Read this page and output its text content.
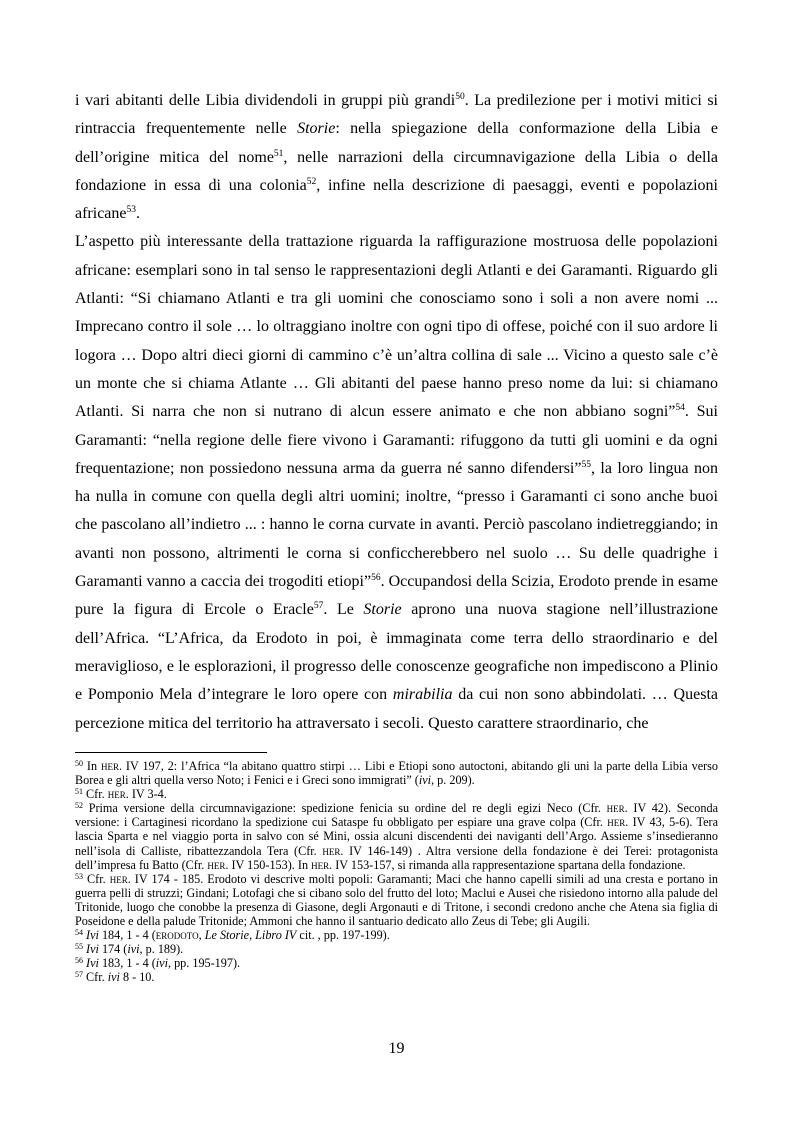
i vari abitanti delle Libia dividendoli in gruppi più grandi$^{50}$. La predilezione per i motivi mitici si rintraccia frequentemente nelle Storie: nella spiegazione della conformazione della Libia e dell’origine mitica del nome$^{51}$, nelle narrazioni della circumnavigazione della Libia o della fondazione in essa di una colonia$^{52}$, infine nella descrizione di paesaggi, eventi e popolazioni africane$^{53}$.

L’aspetto più interessante della trattazione riguarda la raffigurazione mostruosa delle popolazioni africane: esemplari sono in tal senso le rappresentazioni degli Atlanti e dei Garamanti. Riguardo gli Atlanti: “Si chiamano Atlanti e tra gli uomini che conosciamo sono i soli a non avere nomi ... Imprecano contro il sole … lo oltraggiano inoltre con ogni tipo di offese, poiché con il suo ardore li logora … Dopo altri dieci giorni di cammino c’è un’altra collina di sale ... Vicino a questo sale c’è un monte che si chiama Atlante … Gli abitanti del paese hanno preso nome da lui: si chiamano Atlanti. Si narra che non si nutrano di alcun essere animato e che non abbiano sogni”$^{54}$. Sui Garamanti: “nella regione delle fiere vivono i Garamanti: rifuggono da tutti gli uomini e da ogni frequentazione; non possiedono nessuna arma da guerra né sanno difendersi”$^{55}$, la loro lingua non ha nulla in comune con quella degli altri uomini; inoltre, “presso i Garamanti ci sono anche buoi che pascolano all’indietro ... : hanno le corna curvate in avanti. Perciò pascolano indietreggiando; in avanti non possono, altrimenti le corna si conficcherebbero nel suolo … Su delle quadrighe i Garamanti vanno a caccia dei trogoditi etiopi”$^{56}$. Occupandosi della Scizia, Erodoto prende in esame pure la figura di Ercole o Eracle$^{57}$. Le Storie aprono una nuova stagione nell’illustrazione dell’Africa. “L’Africa, da Erodoto in poi, è immaginata come terra dello straordinario e del meraviglioso, e le esplorazioni, il progresso delle conoscenze geografiche non impediscono a Plinio e Pomponio Mela d’integrare le loro opere con mirabilia da cui non sono abbindolati. … Questa percezione mitica del territorio ha attraversato i secoli. Questo carattere straordinario, che

$^{50}$ In her. IV 197, 2: l’Africa “la abitano quattro stirpi … Libi e Etiopi sono autoctoni, abitando gli uni la parte della Libia verso Borea e gli altri quella verso Noto; i Fenici e i Greci sono immigrati” (ivi, p. 209).

$^{51}$ Cfr. her. IV 3-4.

$^{52}$ Prima versione della circumnavigazione: spedizione fenicia su ordine del re degli egizi Neco (Cfr. her. IV 42). Seconda versione: i Cartaginesi ricordano la spedizione cui Sataspe fu obbligato per espiare una grave colpa (Cfr. her. IV 43, 5-6). Tera lascia Sparta e nel viaggio porta in salvo con sé Mini, ossia alcuni discendenti dei naviganti dell’Argo. Assieme s’insedieranno nell’isola di Calliste, ribattezzandola Tera (Cfr. her. IV 146-149) . Altra versione della fondazione è dei Terei: protagonista dell’impresa fu Batto (Cfr. her. IV 150-153). In her. IV 153-157, si rimanda alla rappresentazione spartana della fondazione.

$^{53}$ Cfr. her. IV 174 - 185. Erodoto vi descrive molti popoli: Garamanti; Maci che hanno capelli simili ad una cresta e portano in guerra pelli di struzzi; Gindani; Lotofagi che si cibano solo del frutto del loto; Maclui e Ausei che risiedono intorno alla palude del Tritonide, luogo che conobbe la presenza di Giasone, degli Argonauti e di Tritone, i secondi credono anche che Atena sia figlia di Poseidone e della palude Tritonide; Ammoni che hanno il santuario dedicato allo Zeus di Tebe; gli Augili.

$^{54}$ Ivi 184, 1 - 4 (erodoto, Le Storie, Libro IV cit. , pp. 197-199).

$^{55}$ Ivi 174 (ivi, p. 189).

$^{56}$ Ivi 183, 1 - 4 (ivi, pp. 195-197).

$^{57}$ Cfr. ivi 8 - 10.

19
